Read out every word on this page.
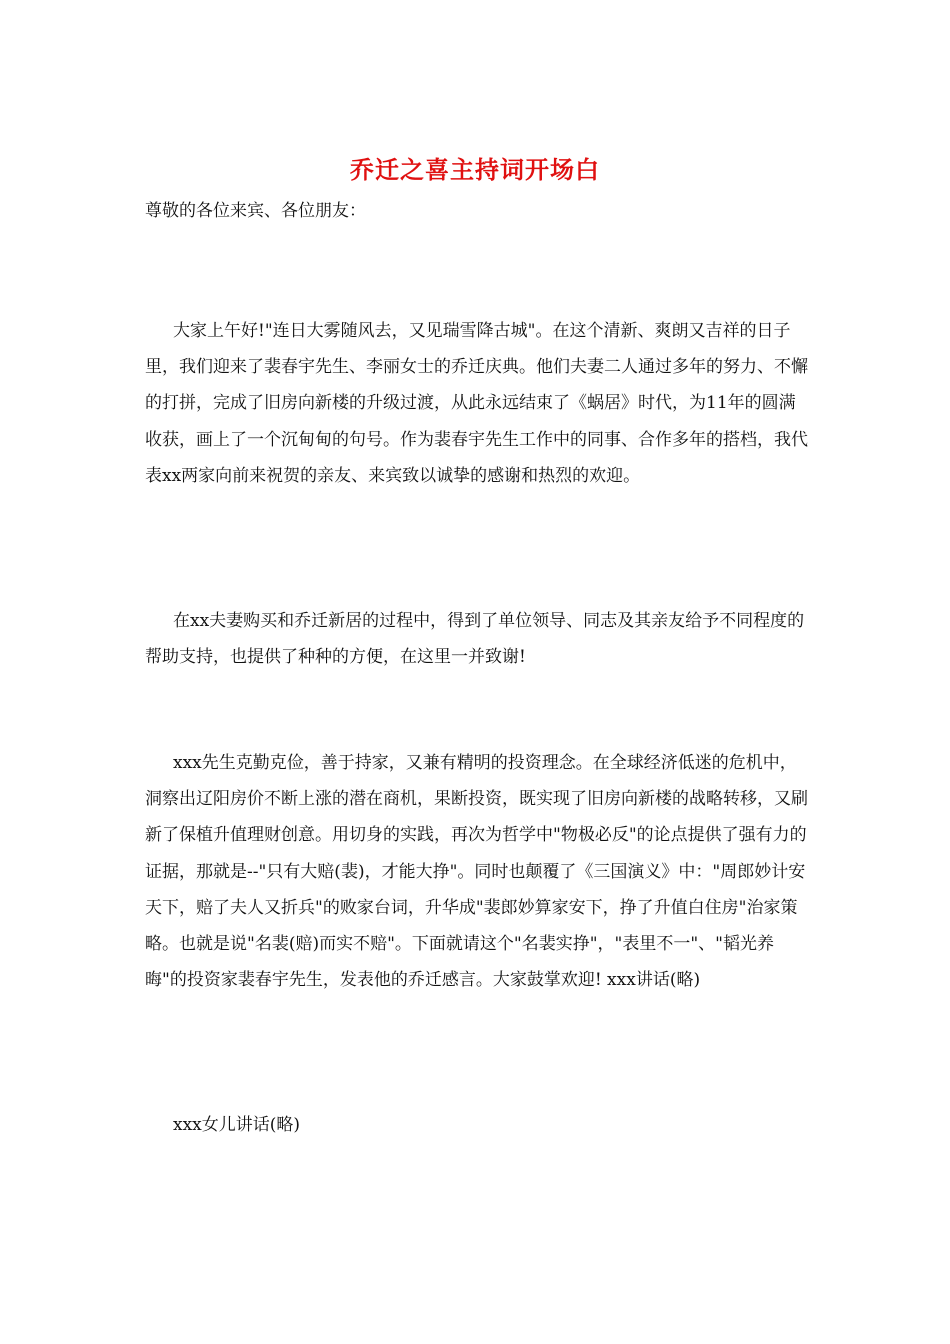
乔迁之喜主持词开场白
尊敬的各位来宾、各位朋友：

大家上午好!"连日大雾随风去，又见瑞雪降古城"。在这个清新、爽朗又吉祥的日子里，我们迎来了裴春宇先生、李丽女士的乔迁庆典。他们夫妻二人通过多年的努力、不懈的打拼，完成了旧房向新楼的升级过渡，从此永远结束了《蜗居》时代，为11年的圆满收获，画上了一个沉甸甸的句号。作为裴春宇先生工作中的同事、合作多年的搭档，我代表xx两家向前来祝贺的亲友、来宾致以诚挚的感谢和热烈的欢迎。

在xx夫妻购买和乔迁新居的过程中，得到了单位领导、同志及其亲友给予不同程度的帮助支持，也提供了种种的方便，在这里一并致谢!

xxx先生克勤克俭，善于持家，又兼有精明的投资理念。在全球经济低迷的危机中，洞察出辽阳房价不断上涨的潜在商机，果断投资，既实现了旧房向新楼的战略转移，又刷新了保植升值理财创意。用切身的实践，再次为哲学中"物极必反"的论点提供了强有力的证据，那就是--"只有大赔(裴)，才能大挣"。同时也颠覆了《三国演义》中："周郎妙计安天下，赔了夫人又折兵"的败家台词，升华成"裴郎妙算家安下，挣了升值白住房"治家策略。也就是说"名裴(赔)而实不赔"。下面就请这个"名裴实挣"，"表里不一"、"韬光养晦"的投资家裴春宇先生，发表他的乔迁感言。大家鼓掌欢迎! xxx讲话(略)

xxx女儿讲话(略)
